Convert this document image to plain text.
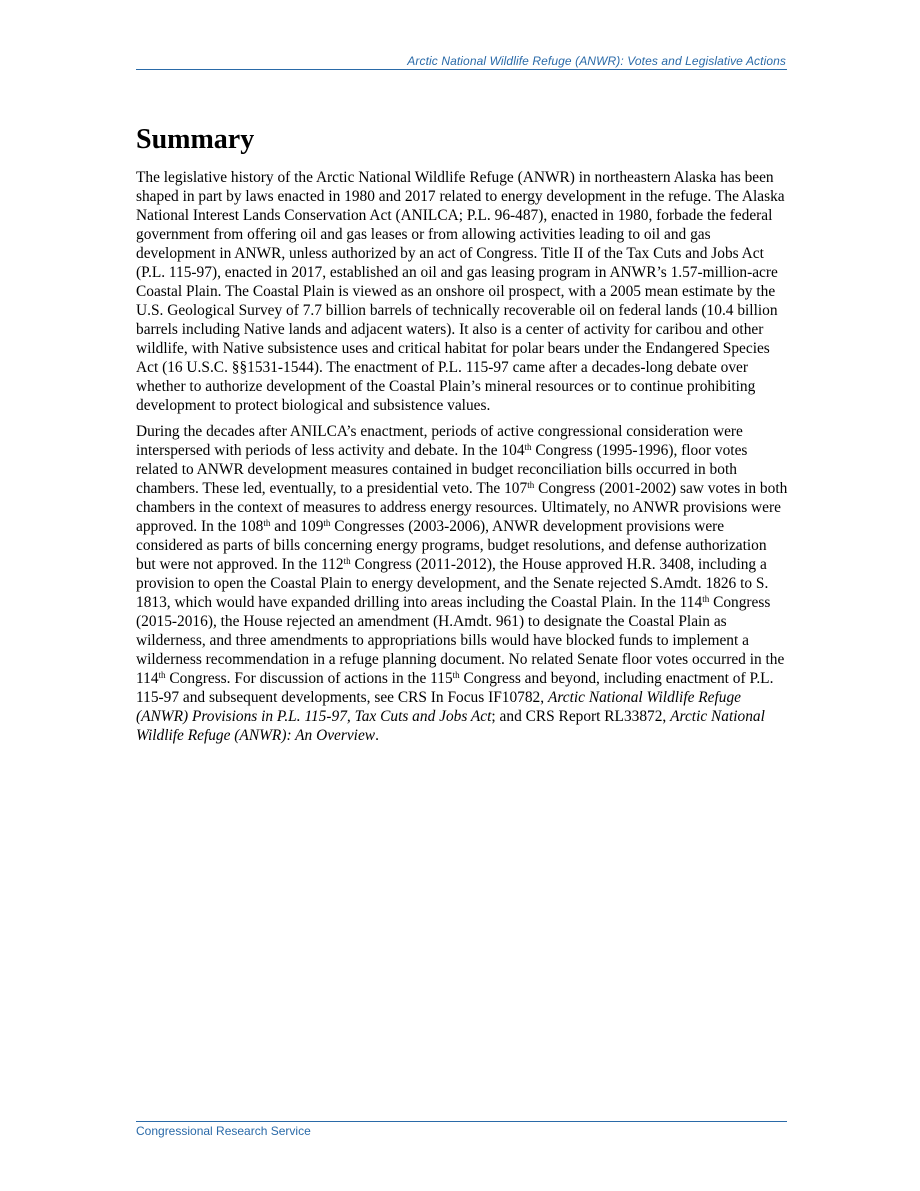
Arctic National Wildlife Refuge (ANWR): Votes and Legislative Actions
Summary

The legislative history of the Arctic National Wildlife Refuge (ANWR) in northeastern Alaska has been shaped in part by laws enacted in 1980 and 2017 related to energy development in the refuge. The Alaska National Interest Lands Conservation Act (ANILCA; P.L. 96-487), enacted in 1980, forbade the federal government from offering oil and gas leases or from allowing activities leading to oil and gas development in ANWR, unless authorized by an act of Congress. Title II of the Tax Cuts and Jobs Act (P.L. 115-97), enacted in 2017, established an oil and gas leasing program in ANWR’s 1.57-million-acre Coastal Plain. The Coastal Plain is viewed as an onshore oil prospect, with a 2005 mean estimate by the U.S. Geological Survey of 7.7 billion barrels of technically recoverable oil on federal lands (10.4 billion barrels including Native lands and adjacent waters). It also is a center of activity for caribou and other wildlife, with Native subsistence uses and critical habitat for polar bears under the Endangered Species Act (16 U.S.C. §§1531-1544). The enactment of P.L. 115-97 came after a decades-long debate over whether to authorize development of the Coastal Plain’s mineral resources or to continue prohibiting development to protect biological and subsistence values.

During the decades after ANILCA’s enactment, periods of active congressional consideration were interspersed with periods of less activity and debate. In the 104th Congress (1995-1996), floor votes related to ANWR development measures contained in budget reconciliation bills occurred in both chambers. These led, eventually, to a presidential veto. The 107th Congress (2001-2002) saw votes in both chambers in the context of measures to address energy resources. Ultimately, no ANWR provisions were approved. In the 108th and 109th Congresses (2003-2006), ANWR development provisions were considered as parts of bills concerning energy programs, budget resolutions, and defense authorization but were not approved. In the 112th Congress (2011-2012), the House approved H.R. 3408, including a provision to open the Coastal Plain to energy development, and the Senate rejected S.Amdt. 1826 to S. 1813, which would have expanded drilling into areas including the Coastal Plain. In the 114th Congress (2015-2016), the House rejected an amendment (H.Amdt. 961) to designate the Coastal Plain as wilderness, and three amendments to appropriations bills would have blocked funds to implement a wilderness recommendation in a refuge planning document. No related Senate floor votes occurred in the 114th Congress. For discussion of actions in the 115th Congress and beyond, including enactment of P.L. 115-97 and subsequent developments, see CRS In Focus IF10782, Arctic National Wildlife Refuge (ANWR) Provisions in P.L. 115-97, Tax Cuts and Jobs Act; and CRS Report RL33872, Arctic National Wildlife Refuge (ANWR): An Overview.

Congressional Research Service
